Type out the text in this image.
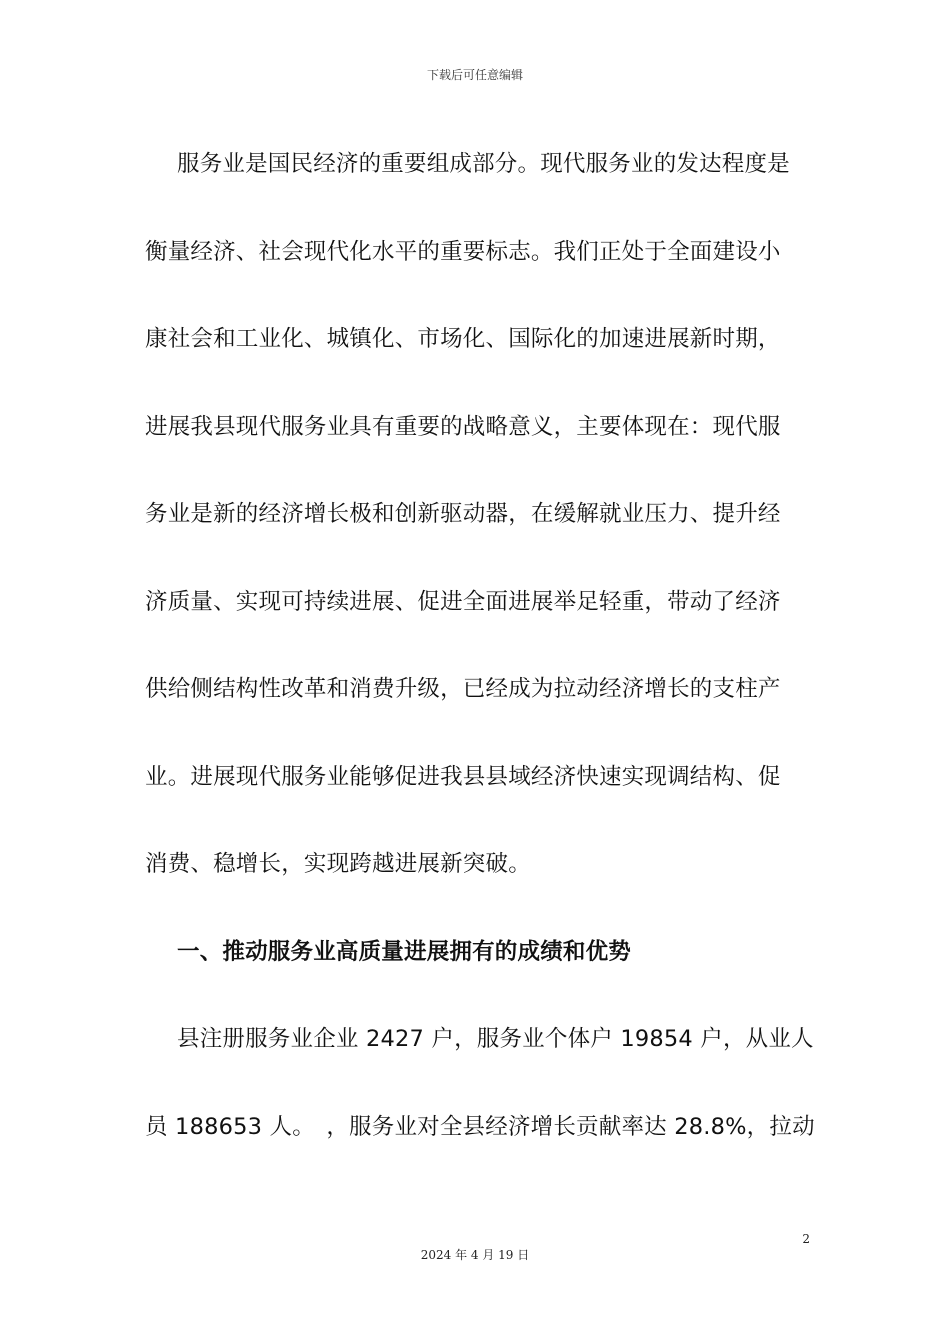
下载后可任意编辑
服务业是国民经济的重要组成部分。现代服务业的发达程度是
衡量经济、社会现代化水平的重要标志。我们正处于全面建设小
康社会和工业化、城镇化、市场化、国际化的加速进展新时期，
进展我县现代服务业具有重要的战略意义，主要体现在：现代服
务业是新的经济增长极和创新驱动器，在缓解就业压力、提升经
济质量、实现可持续进展、促进全面进展举足轻重，带动了经济
供给侧结构性改革和消费升级，已经成为拉动经济增长的支柱产
业。进展现代服务业能够促进我县县域经济快速实现调结构、促
消费、稳增长，实现跨越进展新突破。
一、推动服务业高质量进展拥有的成绩和优势
县注册服务业企业 2427 户，服务业个体户 19854 户，从业人
员 188653 人。　，服务业对全县经济增长贡献率达 28.8%，拉动
2
2024 年 4 月 19 日
